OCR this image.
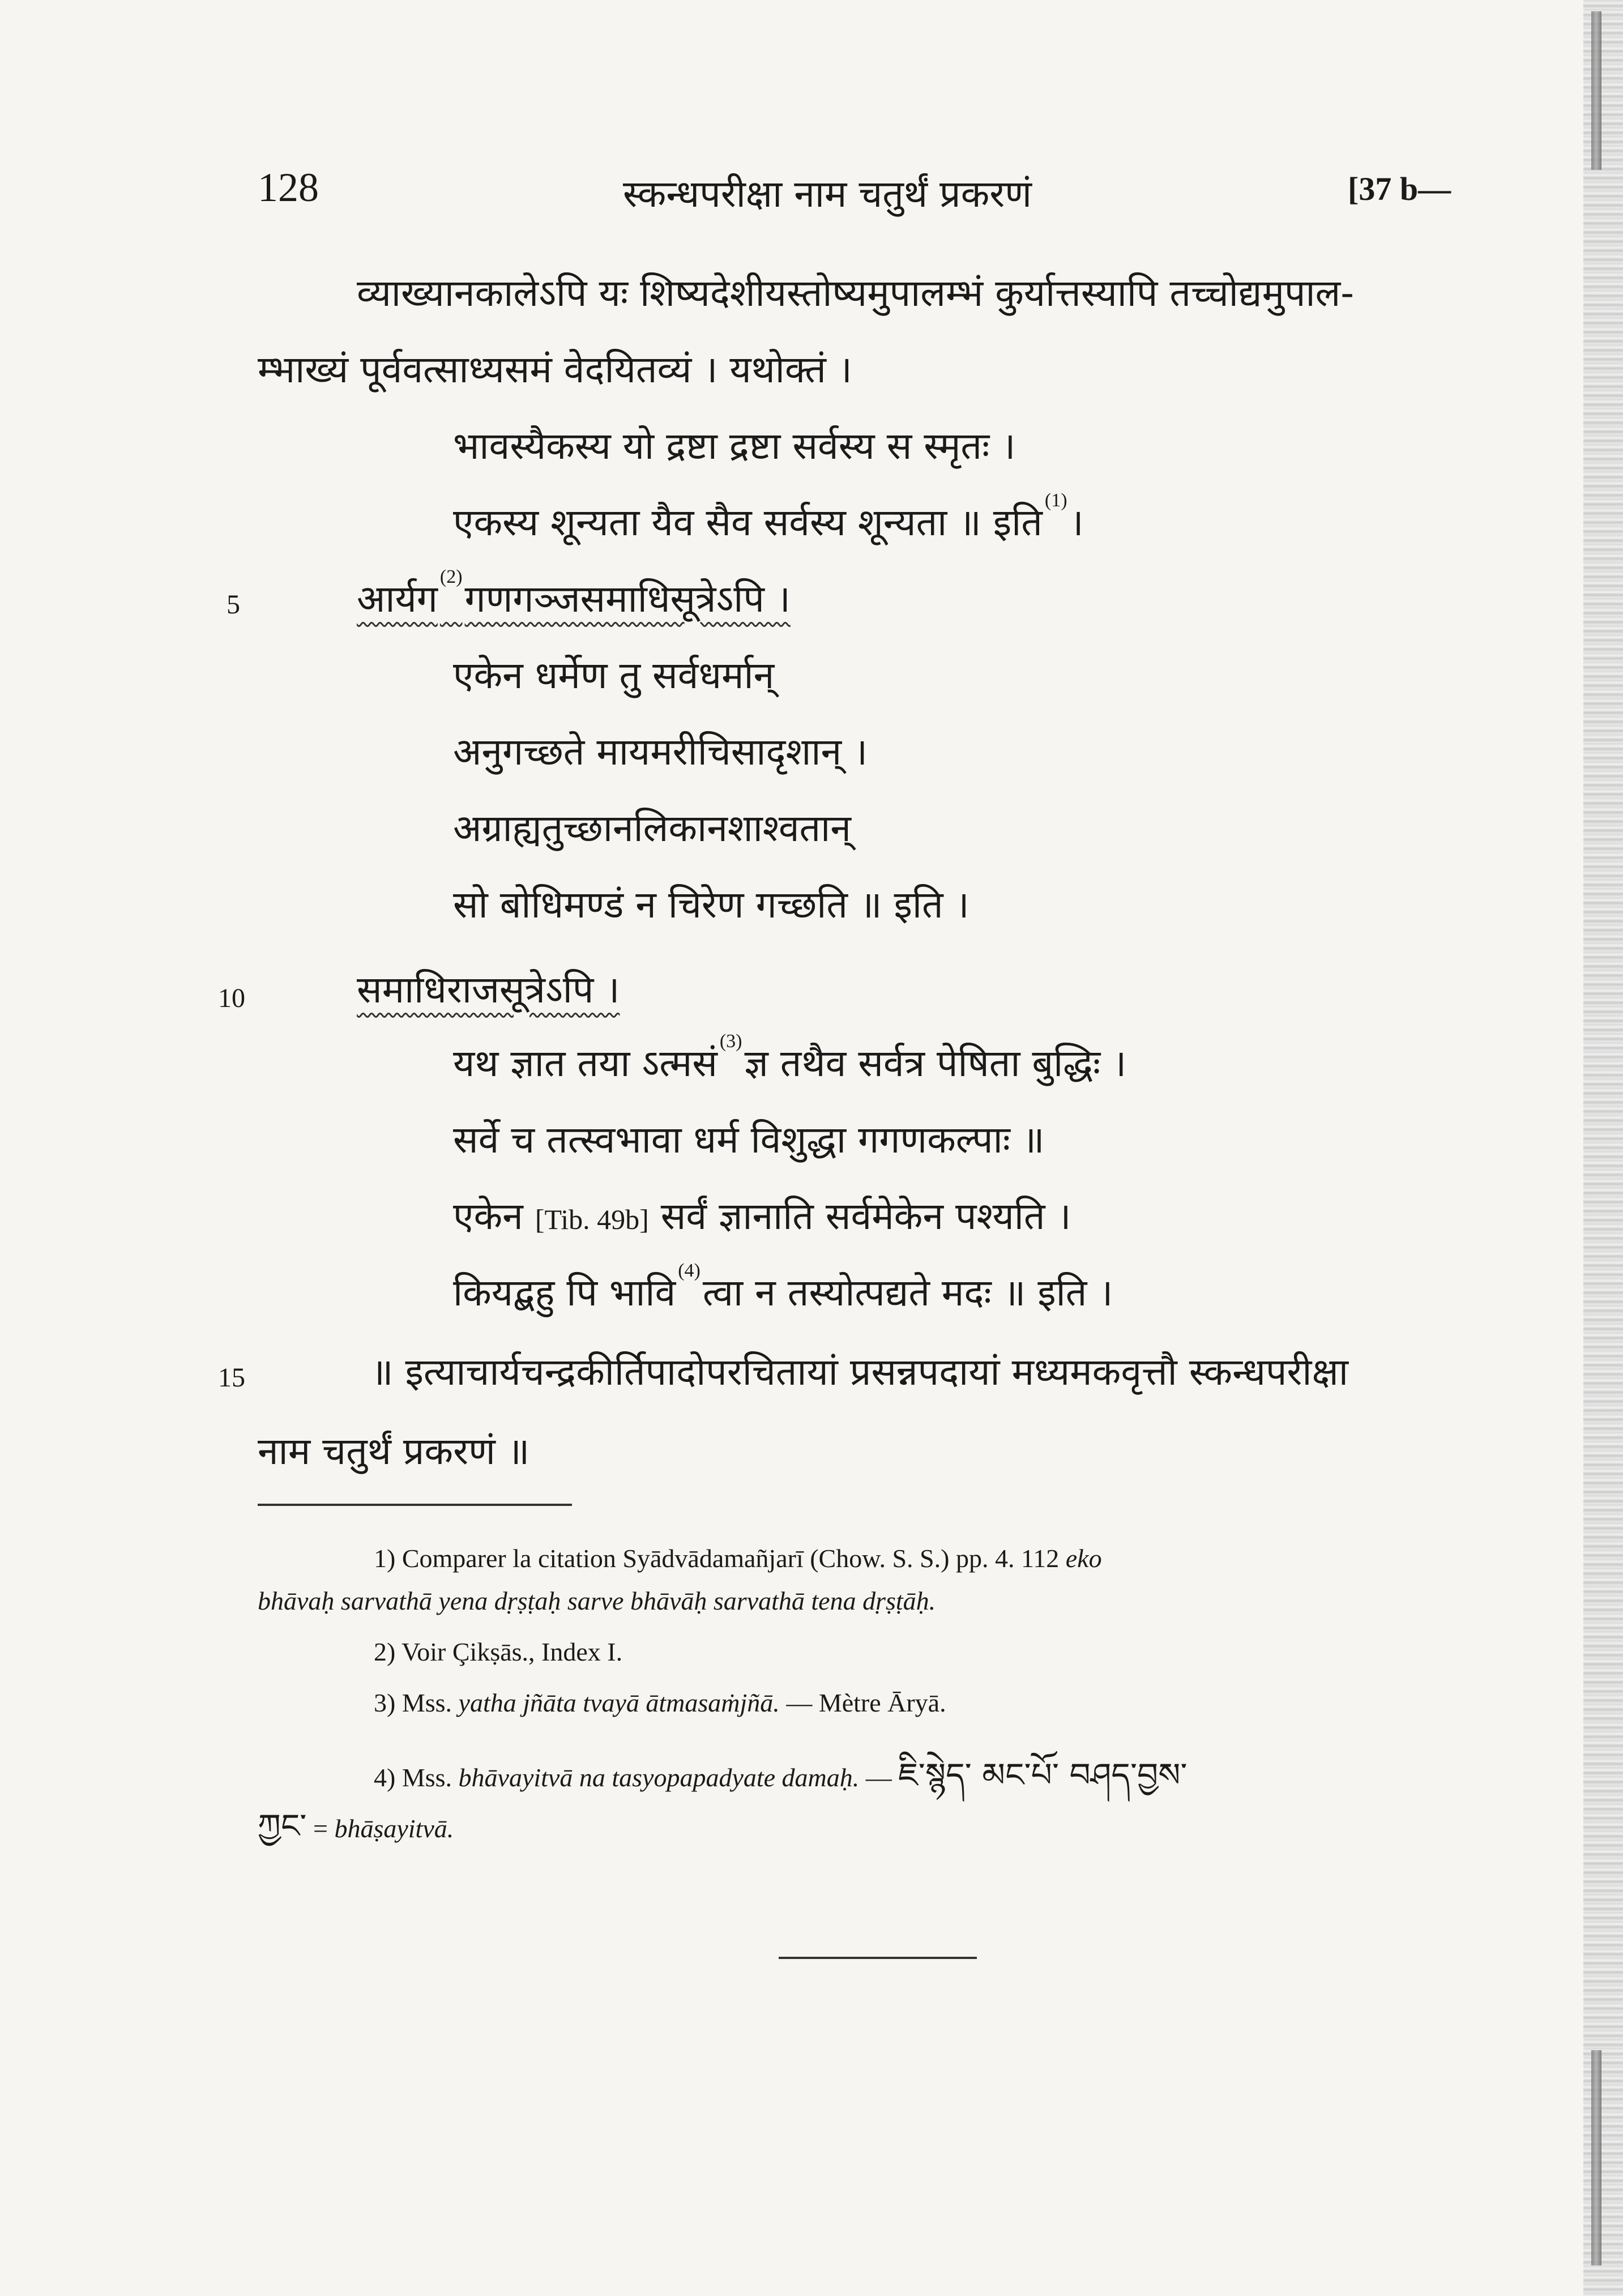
128	स्कन्धपरीक्षा नाम चतुर्थं प्रकरणं	[37 b—
5
10
15
व्याख्यानकालेऽपि यः शिष्यदेशीयस्तोष्यमुपालम्भं कुर्यात्तस्यापि तच्चोद्यमुपाल-
म्भाख्यं पूर्ववत्साध्यसमं वेदयितव्यं । यथोक्तं ।
भावस्यैकस्य यो द्रष्टा द्रष्टा सर्वस्य स स्मृतः ।
एकस्य शून्यता यैव सैव सर्वस्य शून्यता ॥ इति$^{(1)}$।
आर्यग$^{(2)}$गणगञ्जसमाधिसूत्रेऽपि ।
एकेन धर्मेण तु सर्वधर्मान्
अनुगच्छते मायमरीचिसादृशान् ।
अग्राह्यतुच्छानलिकानशाश्वतान्
सो बोधिमण्डं न चिरेण गच्छति ॥ इति ।
समाधिराजसूत्रेऽपि ।
यथ ज्ञात तया ऽत्मसं$^{(3)}$ज्ञ तथैव सर्वत्र पेषिता बुद्धिः ।
सर्वे च तत्स्वभावा धर्म विशुद्धा गगणकल्पाः ॥
एकेन [Tib. 49b] सर्वं ज्ञानाति सर्वमेकेन पश्यति ।
कियद्बहु पि भावि$^{(4)}$त्वा न तस्योत्पद्यते मदः ॥ इति ।
॥ इत्याचार्यचन्द्रकीर्तिपादोपरचितायां प्रसन्नपदायां मध्यमकवृत्तौ स्कन्धपरीक्षा
नाम चतुर्थं प्रकरणं ॥
1) Comparer la citation Syādvādamañjarī (Chow. S. S.) pp. 4. 112 eko
bhāvaḥ sarvathā yena dṛṣṭaḥ sarve bhāvāḥ sarvathā tena dṛṣṭāḥ.
2) Voir Çikṣās., Index I.
3) Mss. yatha jñāta tvayā ātmasaṁjñā. — Mètre Āryā.
4) Mss. bhāvayitvā na tasyopapadyate damaḥ. — ཇི་སྙེད་ མང་པོ་ བཤད་བྱས་
ཀྱང་ = bhāṣayitvā.
